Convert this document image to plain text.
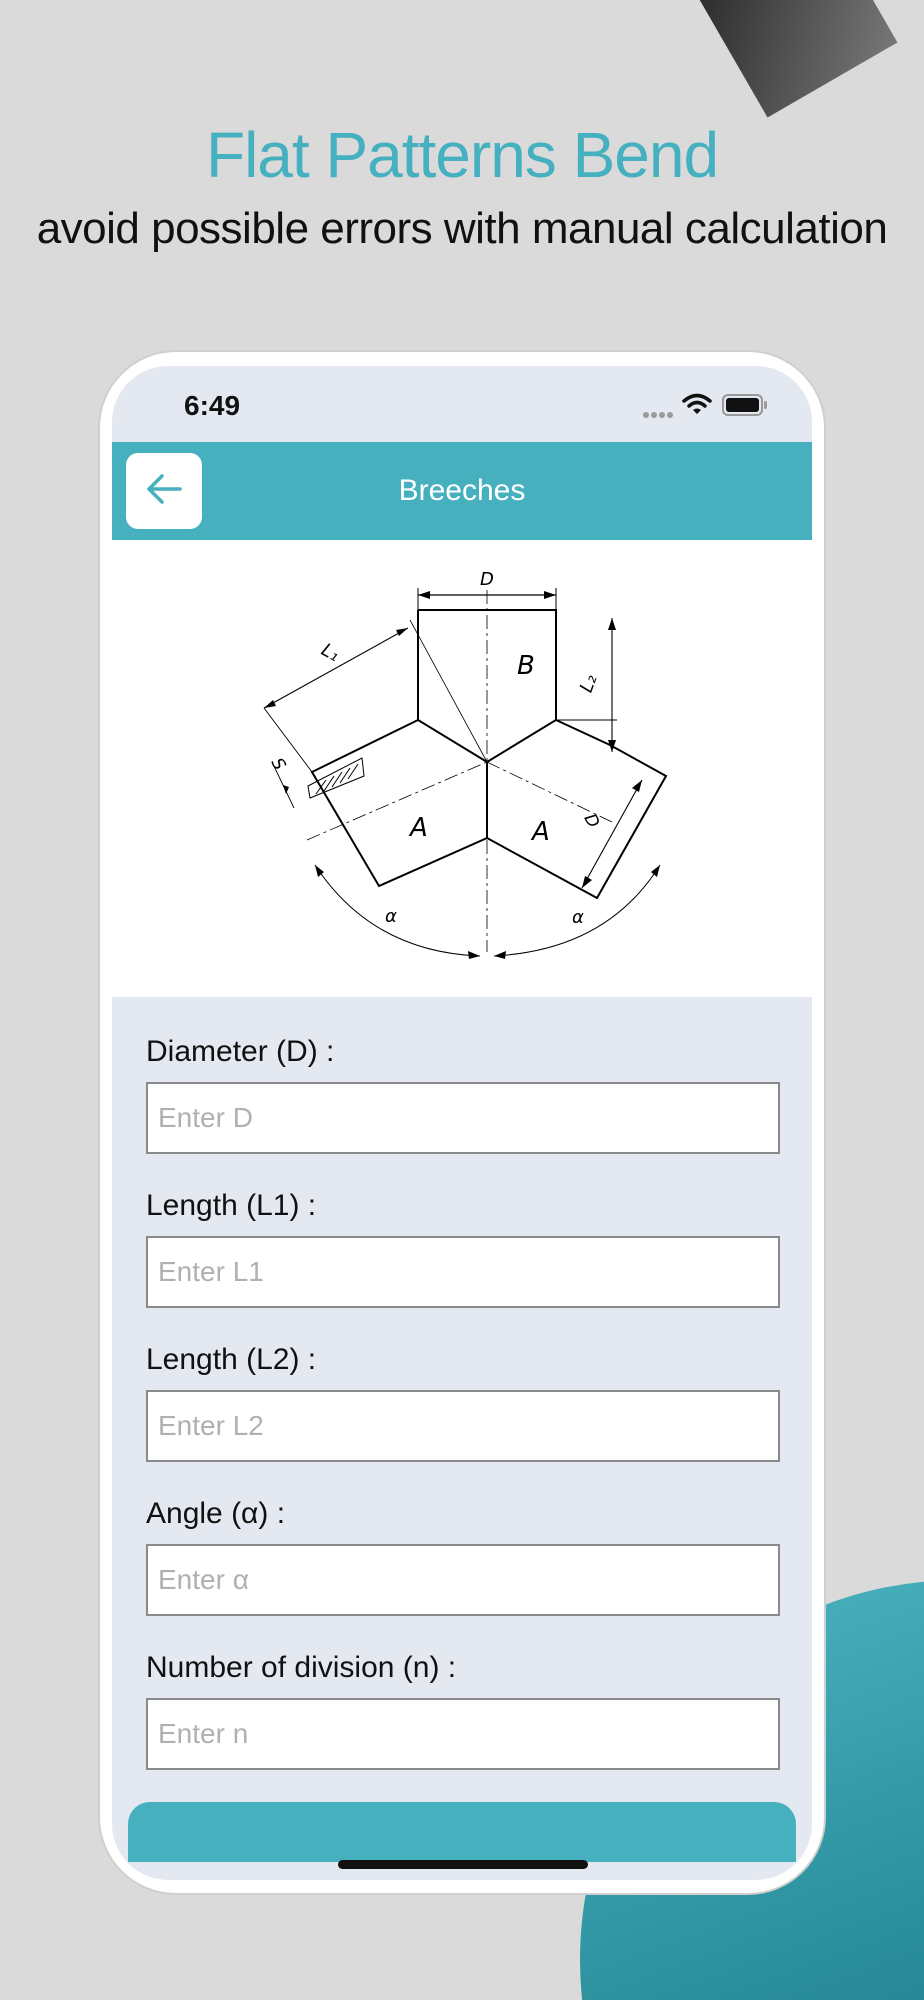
Flat Patterns Bend
avoid possible errors with manual calculation
6:49
Breeches
D
B
L₁
L₂
S
A	A D
α	α
Diameter (D) :
Enter D
Length (L1) :
Enter L1
Length (L2) :
Enter L2
Angle (α) :
Enter α
Number of division (n) :
Enter n
